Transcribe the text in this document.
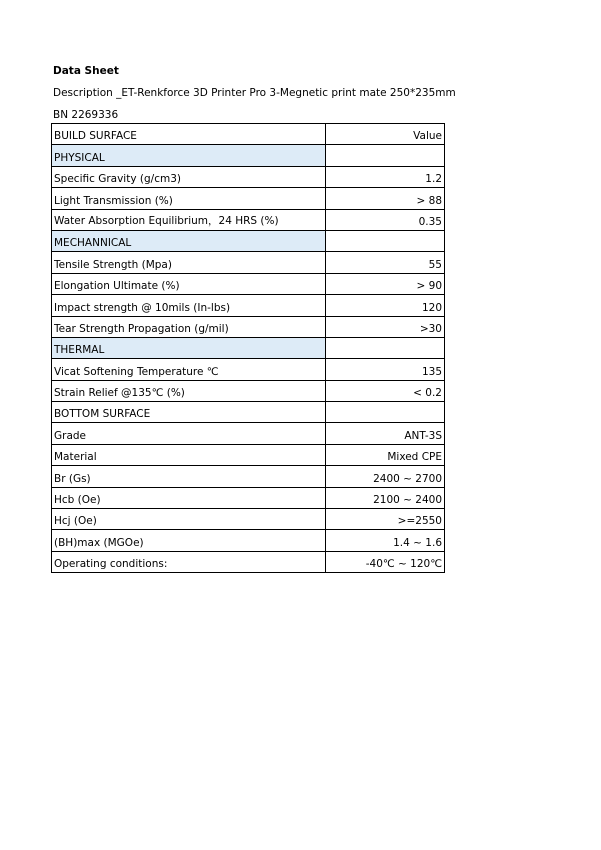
Data Sheet
Description _ET-Renkforce 3D Printer Pro 3-Megnetic print mate 250*235mm
BN 2269336
BUILD SURFACE	Value
PHYSICAL	
Specific Gravity (g/cm3)	1.2
Light Transmission (%)	> 88
Water Absorption Equilibrium，24 HRS (%)	0.35
MECHANNICAL	
Tensile Strength (Mpa)	55
Elongation Ultimate (%)	> 90
Impact strength @ 10mils (In-lbs)	120
Tear Strength Propagation (g/mil)	>30
THERMAL	
Vicat Softening Temperature ℃	135
Strain Relief @135℃ (%)	< 0.2
BOTTOM SURFACE	
Grade	ANT-3S
Material	Mixed CPE
Br (Gs)	2400 ~ 2700
Hcb (Oe)	2100 ~ 2400
Hcj (Oe)	>=2550
(BH)max (MGOe)	1.4 ~ 1.6
Operating conditions:	-40℃ ~ 120℃
